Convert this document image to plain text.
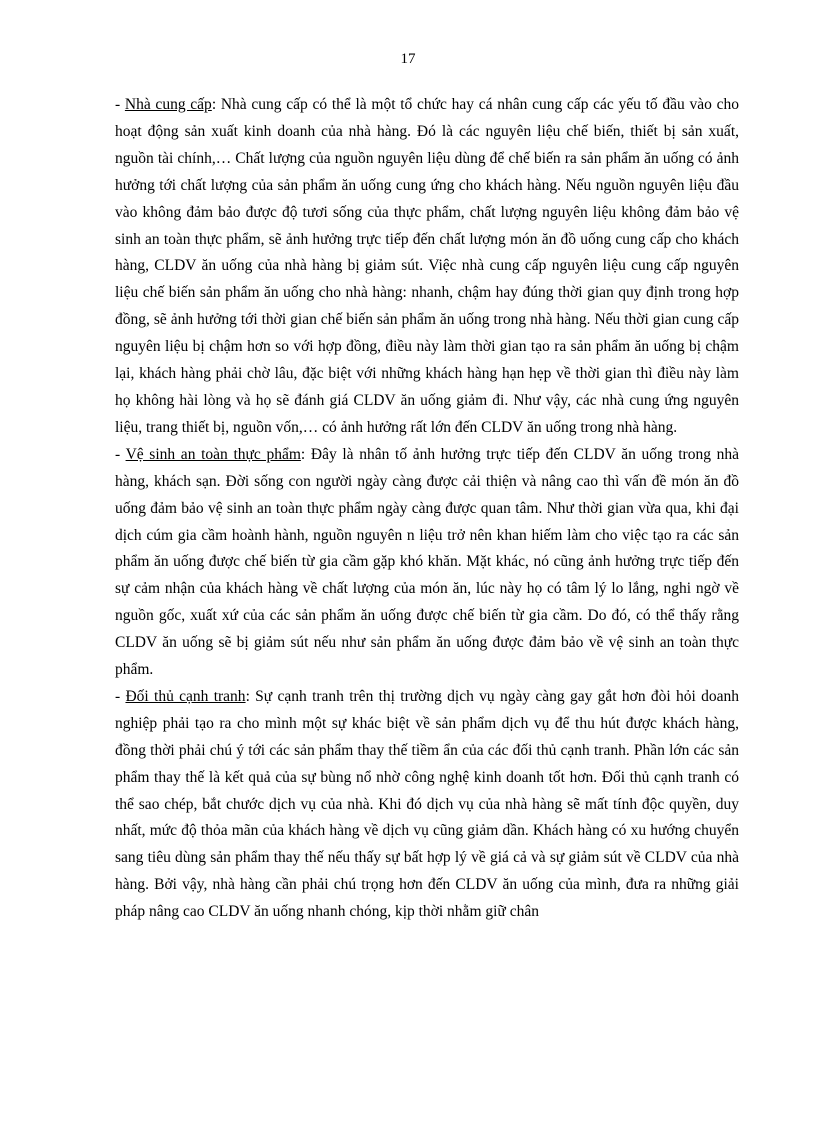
17

- Nhà cung cấp: Nhà cung cấp có thể là một tổ chức hay cá nhân cung cấp các yếu tố đầu vào cho hoạt động sản xuất kinh doanh của nhà hàng. Đó là các nguyên liệu chế biến, thiết bị sản xuất, nguồn tài chính,… Chất lượng của nguồn nguyên liệu dùng để chế biến ra sản phẩm ăn uống có ảnh hưởng tới chất lượng của sản phẩm ăn uống cung ứng cho khách hàng. Nếu nguồn nguyên liệu đầu vào không đảm bảo được độ tươi sống của thực phẩm, chất lượng nguyên liệu không đảm bảo vệ sinh an toàn thực phẩm, sẽ ảnh hưởng trực tiếp đến chất lượng món ăn đồ uống cung cấp cho khách hàng, CLDV ăn uống của nhà hàng bị giảm sút. Việc nhà cung cấp nguyên liệu cung cấp nguyên liệu chế biến sản phẩm ăn uống cho nhà hàng: nhanh, chậm hay đúng thời gian quy định trong hợp đồng, sẽ ảnh hưởng tới thời gian chế biến sản phẩm ăn uống trong nhà hàng. Nếu thời gian cung cấp nguyên liệu bị chậm hơn so với hợp đồng, điều này làm thời gian tạo ra sản phẩm ăn uống bị chậm lại, khách hàng phải chờ lâu, đặc biệt với những khách hàng hạn hẹp về thời gian thì điều này làm họ không hài lòng và họ sẽ đánh giá CLDV ăn uống giảm đi. Như vậy, các nhà cung ứng nguyên liệu, trang thiết bị, nguồn vốn,… có ảnh hưởng rất lớn đến CLDV ăn uống trong nhà hàng.

- Vệ sinh an toàn thực phẩm: Đây là nhân tố ảnh hưởng trực tiếp đến CLDV ăn uống trong nhà hàng, khách sạn. Đời sống con người ngày càng được cải thiện và nâng cao thì vấn đề món ăn đồ uống đảm bảo vệ sinh an toàn thực phẩm ngày càng được quan tâm. Như thời gian vừa qua, khi đại dịch cúm gia cầm hoành hành, nguồn nguyên n liệu trở nên khan hiếm làm cho việc tạo ra các sản phẩm ăn uống được chế biến từ gia cầm gặp khó khăn. Mặt khác, nó cũng ảnh hưởng trực tiếp đến sự cảm nhận của khách hàng về chất lượng của món ăn, lúc này họ có tâm lý lo lắng, nghi ngờ về nguồn gốc, xuất xứ của các sản phẩm ăn uống được chế biến từ gia cầm. Do đó, có thể thấy rằng CLDV ăn uống sẽ bị giảm sút nếu như sản phẩm ăn uống được đảm bảo về vệ sinh an toàn thực phẩm.

- Đối thủ cạnh tranh: Sự cạnh tranh trên thị trường dịch vụ ngày càng gay gắt hơn đòi hỏi doanh nghiệp phải tạo ra cho mình một sự khác biệt về sản phẩm dịch vụ để thu hút được khách hàng, đồng thời phải chú ý tới các sản phẩm thay thế tiềm ẩn của các đối thủ cạnh tranh. Phần lớn các sản phẩm thay thế là kết quả của sự bùng nổ nhờ công nghệ kinh doanh tốt hơn. Đối thủ cạnh tranh có thể sao chép, bắt chước dịch vụ của nhà. Khi đó dịch vụ của nhà hàng sẽ mất tính độc quyền, duy nhất, mức độ thỏa mãn của khách hàng về dịch vụ cũng giảm dần. Khách hàng có xu hướng chuyển sang tiêu dùng sản phẩm thay thế nếu thấy sự bất hợp lý về giá cả và sự giảm sút về CLDV của nhà hàng. Bởi vậy, nhà hàng cần phải chú trọng hơn đến CLDV ăn uống của mình, đưa ra những giải pháp nâng cao CLDV ăn uống nhanh chóng, kịp thời nhằm giữ chân
